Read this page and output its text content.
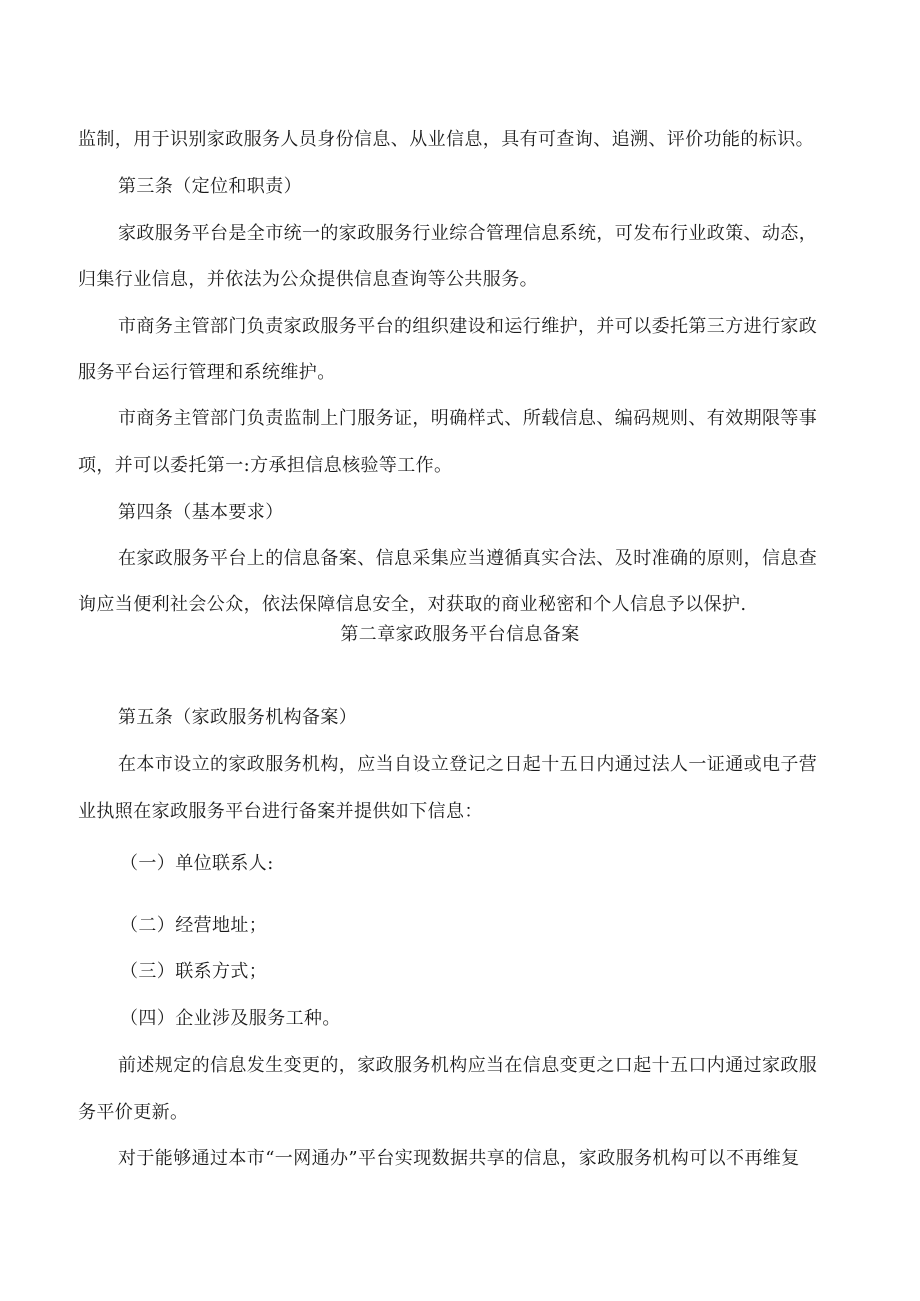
监制，用于识别家政服务人员身份信息、从业信息，具有可查询、追溯、评价功能的标识。
第三条（定位和职责）
家政服务平台是全市统一的家政服务行业综合管理信息系统，可发布行业政策、动态，
归集行业信息，并依法为公众提供信息查询等公共服务。
市商务主管部门负责家政服务平台的组织建设和运行维护，并可以委托第三方进行家政
服务平台运行管理和系统维护。
市商务主管部门负责监制上门服务证，明确样式、所载信息、编码规则、有效期限等事
项，并可以委托第一:方承担信息核验等工作。
第四条（基本要求）
在家政服务平台上的信息备案、信息采集应当遵循真实合法、及时准确的原则，信息查
询应当便利社会公众，依法保障信息安全，对获取的商业秘密和个人信息予以保护.
第二章家政服务平台信息备案
第五条（家政服务机构备案）
在本市设立的家政服务机构，应当自设立登记之日起十五日内通过法人一证通或电子营
业执照在家政服务平台进行备案并提供如下信息：
（一）单位联系人:
（二）经营地址；
（三）联系方式；
（四）企业涉及服务工种。
前述规定的信息发生变更的，家政服务机构应当在信息变更之口起十五口内通过家政服
务平价更新。
对于能够通过本市“一网通办”平台实现数据共享的信息，家政服务机构可以不再维复
